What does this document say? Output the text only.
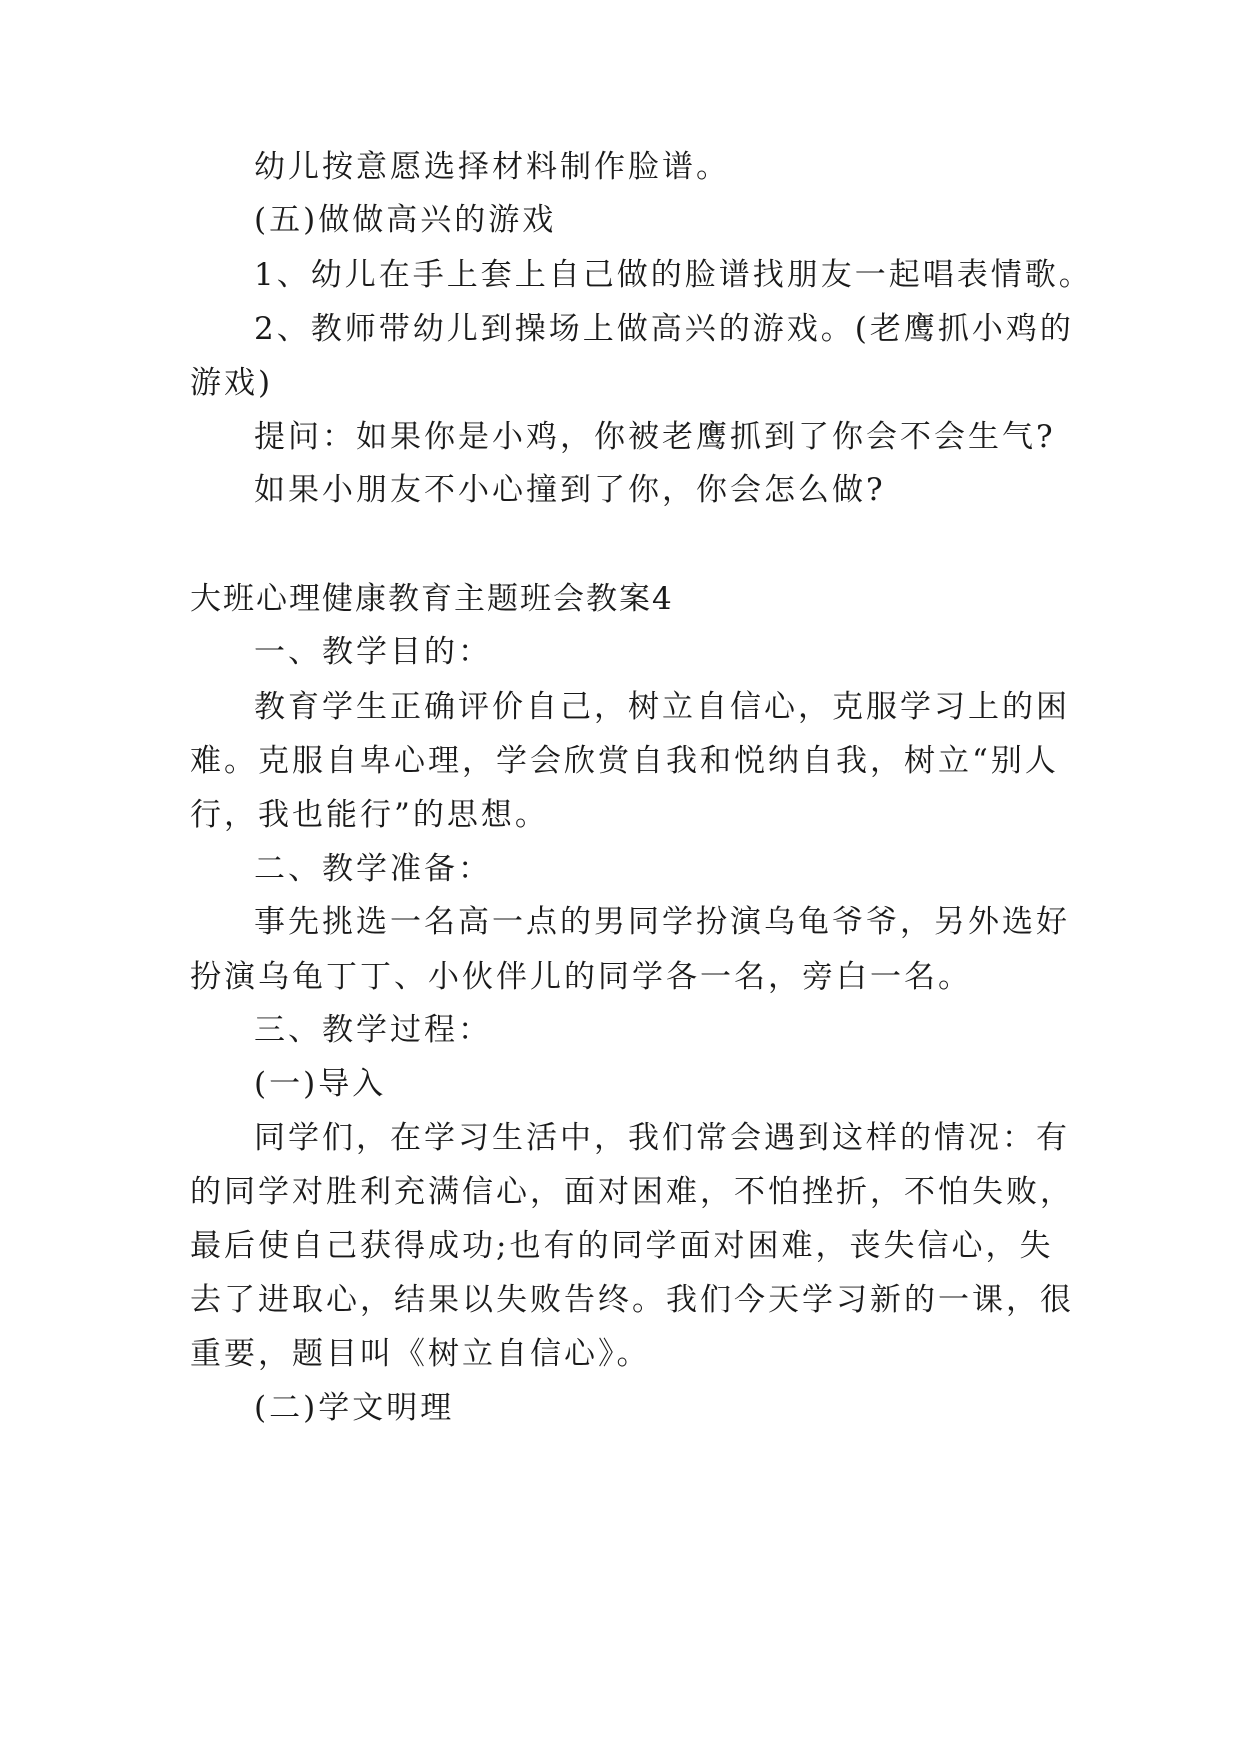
幼儿按意愿选择材料制作脸谱。

(五)做做高兴的游戏

1、幼儿在手上套上自己做的脸谱找朋友一起唱表情歌。

2、教师带幼儿到操场上做高兴的游戏。(老鹰抓小鸡的

游戏)

提问：如果你是小鸡，你被老鹰抓到了你会不会生气?

如果小朋友不小心撞到了你，你会怎么做?

大班心理健康教育主题班会教案4

一、教学目的：

教育学生正确评价自己，树立自信心，克服学习上的困

难。克服自卑心理，学会欣赏自我和悦纳自我，树立“别人

行，我也能行”的思想。

二、教学准备：

事先挑选一名高一点的男同学扮演乌龟爷爷，另外选好

扮演乌龟丁丁、小伙伴儿的同学各一名，旁白一名。

三、教学过程：

(一)导入

同学们，在学习生活中，我们常会遇到这样的情况：有

的同学对胜利充满信心，面对困难，不怕挫折，不怕失败，

最后使自己获得成功;也有的同学面对困难，丧失信心，失

去了进取心，结果以失败告终。我们今天学习新的一课，很

重要，题目叫《树立自信心》。

(二)学文明理
